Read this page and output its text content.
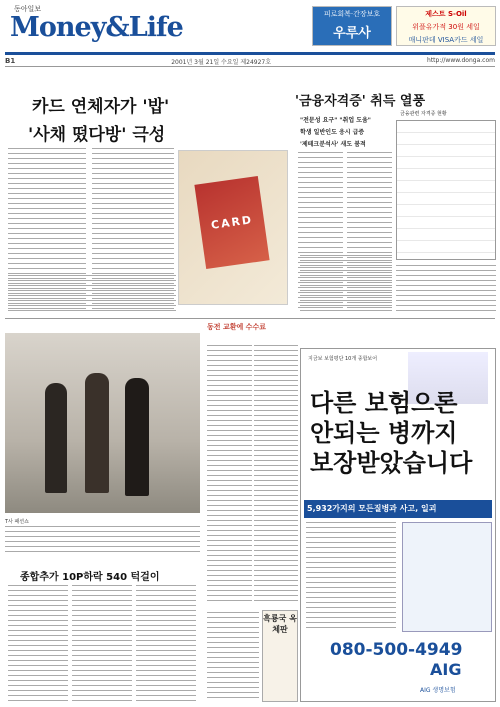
동아일보
Money&Life	피로회복·간장보호
우루사
제스트 S-Oil
위플유가적 30원 세일
매니판데 VISA카드 세일
B1	2001년 3월 21일 수요일 제24927호	http://www.donga.com
카드 연체자가 '밥'
'사채 떴다방' 극성
CARD
'금융자격증' 취득 열풍
"전문성 요구" "취업 도움"
학생 일반인도 응시 급증
'제테크분석사' 새도 붐적
금융관련 자격증 현황
T사 패션쇼
종합추가 10P하락 540 턱걸이
동전 교환에 수수료
흑룡국 옥체판
지금보 보험평단 10개 종합보어
다른 보험으론
안되는 병까지
보장받았습니다
5,932가지의 모든질병과 사고, 일괴
080-500-4949
AIG
AIG 생명보험
